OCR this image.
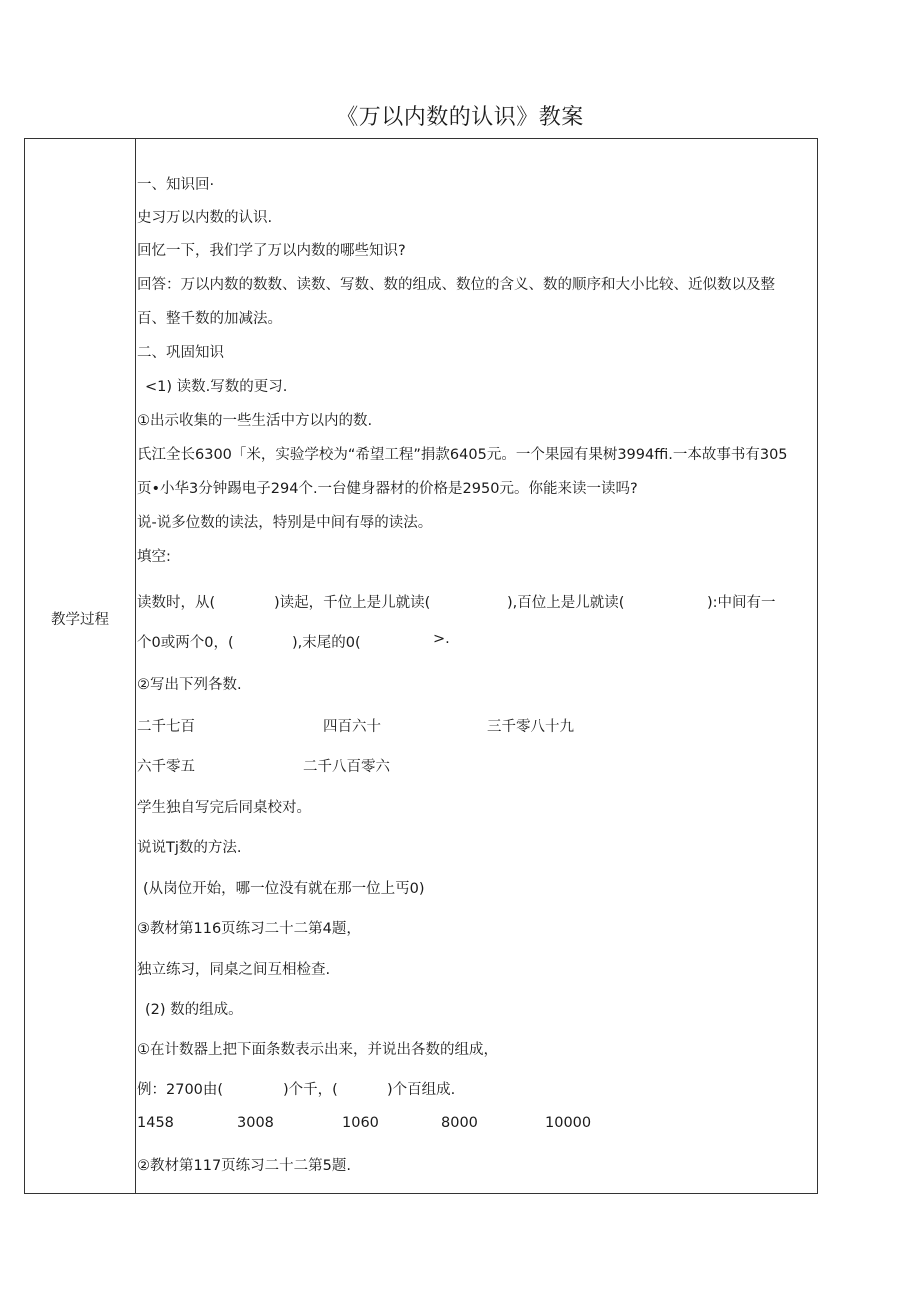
《万以内数的认识》教案
教学过程
一、知识回·
史习万以内数的认识.
回忆一下，我们学了万以内数的哪些知识?
回答：万以内数的数数、读数、写数、数的组成、数位的含义、数的顺序和大小比较、近似数以及整
百、整千数的加减法。
二、巩固知识
<1) 读数.写数的更习.
①出示收集的一些生活中方以内的数.
氏江全长6300「米，实验学校为“希望工程”捐款6405元。一个果园有果树3994ffi.一本故事书有305
页•小华3分钟踢电子294个.一台健身器材的价格是2950元。你能来读一读吗?
说-说多位数的读法，特别是中间有辱的读法。
填空:
读数时，从(	)读起，千位上是儿就读(	),百位上是儿就读(	):中间有一
个0或两个0，(	),末尾的0(	>.
②写出下列各数.
二千七百	四百六十	三千零八十九
六千零五	二千八百零六
学生独自写完后同桌校对。
说说Tj数的方法.
(从岗位开始，哪一位没有就在那一位上丐0)
③教材第116页练习二十二第4题，
独立练习，同桌之间互相检查.
(2) 数的组成。
①在计数器上把下面条数表示出来，并说出各数的组成，
例：2700由(	)个千，(	)个百组成.
1458	3008	1060	8000	10000
②教材第117页练习二十二第5题.
